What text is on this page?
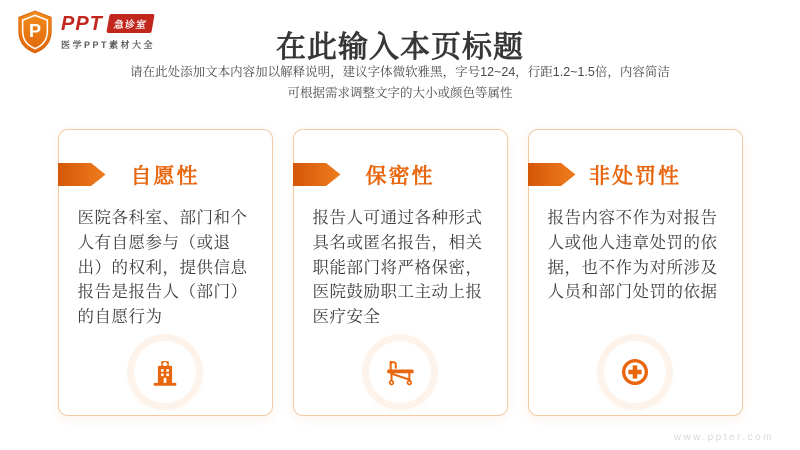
P PPT 急诊室
医学PPT素材大全	在此输入本页标题
请在此处添加文本内容加以解释说明，建议字体微软雅黑，字号12~24，行距1.2~1.5倍，内容简洁
可根据需求调整文字的大小或颜色等属性
自愿性
医院各科室、部门和个人有自愿参与（或退出）的权利，提供信息报告是报告人（部门）的自愿行为
保密性
报告人可通过各种形式具名或匿名报告，相关职能部门将严格保密，医院鼓励职工主动上报医疗安全
非处罚性
报告内容不作为对报告人或他人违章处罚的依据，也不作为对所涉及人员和部门处罚的依据
www.ppter.com
